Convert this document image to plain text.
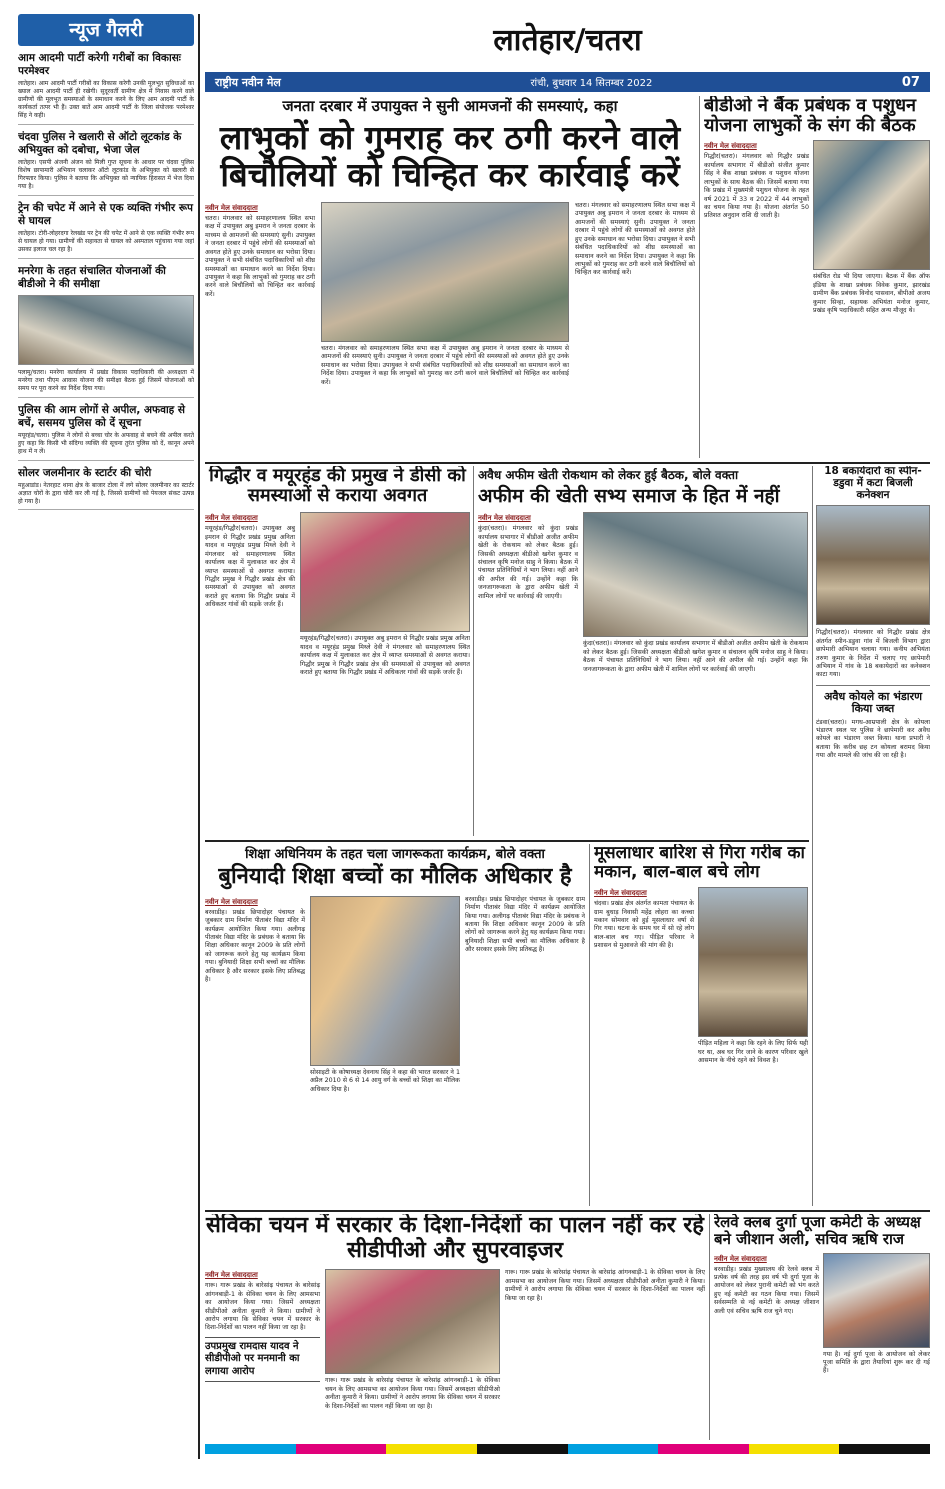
न्यूज गैलरी
आम आदमी पार्टी करेगी गरीबों का विकासः परमेश्वर
लातेहार। आम आदमी पार्टी गरीबों का विकास करेगी उनकी मूलभूत सुविधाओं का ख्याल आम आदमी पार्टी ही रखेगी। सुदूरवर्ती ग्रामीण क्षेत्र में निवास करने वाले ग्रामीणों की मूलभूत समस्याओं के समाधान करने के लिए आम आदमी पार्टी के कार्यकर्ता तत्पर भी हैं। उक्त बातें आम आदमी पार्टी के जिला संयोजक परमेश्वर सिंह ने कही।
चंदवा पुलिस ने खलारी से ऑटो लूटकांड के अभियुक्त को दबोचा, भेजा जेल
लातेहार। एसपी अंजनी अंजन को मिली गुप्त सूचना के आधार पर चंदवा पुलिस विशेष छापामारी अभियान चलाकर ऑटो लूटकांड के अभियुक्त को खलारी से गिरफ्तार किया। पुलिस ने बताया कि अभियुक्त को न्यायिक हिरासत में भेज दिया गया है।
ट्रेन की चपेट में आने से एक व्यक्ति गंभीर रूप से घायल
लातेहार। टोरी-लोहरदगा रेलखंड पर ट्रेन की चपेट में आने से एक व्यक्ति गंभीर रूप से घायल हो गया। ग्रामीणों की सहायता से घायल को अस्पताल पहुंचाया गया जहां उसका इलाज चल रहा है।
मनरेगा के तहत संचालित योजनाओं की बीडीओ ने की समीक्षा
पलामू/चतरा। मनरेगा कार्यालय में प्रखंड विकास पदाधिकारी की अध्यक्षता में मनरेगा तथा पीएम आवास योजना की समीक्षा बैठक हुई जिसमें योजनाओं को समय पर पूरा करने का निर्देश दिया गया।
पुलिस की आम लोगों से अपील, अफवाह से बचें, ससमय पुलिस को दें सूचना
मयूरहंड/चतरा। पुलिस ने लोगों से बच्चा चोर के अफवाह से बचने की अपील करते हुए कहा कि किसी भी संदिग्ध व्यक्ति की सूचना तुरंत पुलिस को दें, कानून अपने हाथ में न लें।
सोलर जलमीनार के स्टार्टर की चोरी
महुआडांड। नेतरहाट थाना क्षेत्र के बाजार टोला में लगे सोलर जलमीनार का स्टार्टर अज्ञात चोरों के द्वारा चोरी कर ली गई है, जिससे ग्रामीणों को पेयजल संकट उत्पन्न हो गया है।
लातेहार/चतरा
राष्ट्रीय नवीन मेल	रांची, बुधवार 14 सितम्बर 2022	07
जनता दरबार में उपायुक्त ने सुनी आमजनों की समस्याएं, कहा
लाभुकों को गुमराह कर ठगी करने वाले बिचौलियों को चिन्हित कर कार्रवाई करें
नवीन मेल संवाददाता
चतरा। मंगलवार को समाहरणालय स्थित सभा कक्ष में उपायुक्त अबु इमरान ने जनता दरबार के माध्यम से आमजनों की समस्याएं सुनी। उपायुक्त ने जनता दरबार में पहुंचे लोगों की समस्याओं को अवगत होते हुए उनके समाधान का भरोसा दिया। उपायुक्त ने सभी संबंधित पदाधिकारियों को शीघ्र समस्याओं का समाधान करने का निर्देश दिया। उपायुक्त ने कहा कि लाभुकों को गुमराह कर ठगी करने वाले बिचौलियों को चिन्हित कर कार्रवाई करें।
चतरा। मंगलवार को समाहरणालय स्थित सभा कक्ष में उपायुक्त अबु इमरान ने जनता दरबार के माध्यम से आमजनों की समस्याएं सुनी। उपायुक्त ने जनता दरबार में पहुंचे लोगों की समस्याओं को अवगत होते हुए उनके समाधान का भरोसा दिया। उपायुक्त ने सभी संबंधित पदाधिकारियों को शीघ्र समस्याओं का समाधान करने का निर्देश दिया। उपायुक्त ने कहा कि लाभुकों को गुमराह कर ठगी करने वाले बिचौलियों को चिन्हित कर कार्रवाई करें।
चतरा। मंगलवार को समाहरणालय स्थित सभा कक्ष में उपायुक्त अबु इमरान ने जनता दरबार के माध्यम से आमजनों की समस्याएं सुनी। उपायुक्त ने जनता दरबार में पहुंचे लोगों की समस्याओं को अवगत होते हुए उनके समाधान का भरोसा दिया। उपायुक्त ने सभी संबंधित पदाधिकारियों को शीघ्र समस्याओं का समाधान करने का निर्देश दिया। उपायुक्त ने कहा कि लाभुकों को गुमराह कर ठगी करने वाले बिचौलियों को चिन्हित कर कार्रवाई करें।
बीडीओ ने बैंक प्रबंधक व पशुधन योजना लाभुकों के संग की बैठक
नवीन मेल संवाददाता
गिद्धौर(चतरा)। मंगलवार को गिद्धौर प्रखंड कार्यालय सभागार में बीडीओ संजीत कुमार सिंह ने बैंक शाखा प्रबंधक व पशुधन योजना लाभुकों के साथ बैठक की। जिसमें बताया गया कि प्रखंड में मुख्यमंत्री पशुधन योजना के तहत वर्ष 2021 में 33 व 2022 में 44 लाभुकों का चयन किया गया है। योजना अंतर्गत 50 प्रतिशत अनुदान राशि दी जाती है।
संबंधित रोड भी दिया जाएगा। बैठक में बैंक ऑफ इंडिया के शाखा प्रबंधक विवेक कुमार, झारखंड ग्रामीण बैंक प्रबंधक विनोद पासवान, बीपीओ अजय कुमार सिन्हा, सहायक अभियंता मनोज कुमार, प्रखंड कृषि पदाधिकारी सहित अन्य मौजूद थे।
गिद्धौर व मयूरहंड की प्रमुख ने डीसी को समस्याओं से कराया अवगत
नवीन मेल संवाददाता
मयूरहंड/गिद्धौर(चतरा)। उपायुक्त अबु इमरान से गिद्धौर प्रखंड प्रमुख अनिता यादव व मयूरहंड प्रमुख मिथ्ले देवी ने मंगलवार को समाहरणालय स्थित कार्यालय कक्ष में मुलाकात कर क्षेत्र में व्याप्त समस्याओं से अवगत कराया। गिद्धौर प्रमुख ने गिद्धौर प्रखंड क्षेत्र की समस्याओं से उपायुक्त को अवगत कराते हुए बताया कि गिद्धौर प्रखंड में अधिकतर गांवों की सड़कें जर्जर हैं।
मयूरहंड/गिद्धौर(चतरा)। उपायुक्त अबु इमरान से गिद्धौर प्रखंड प्रमुख अनिता यादव व मयूरहंड प्रमुख मिथ्ले देवी ने मंगलवार को समाहरणालय स्थित कार्यालय कक्ष में मुलाकात कर क्षेत्र में व्याप्त समस्याओं से अवगत कराया। गिद्धौर प्रमुख ने गिद्धौर प्रखंड क्षेत्र की समस्याओं से उपायुक्त को अवगत कराते हुए बताया कि गिद्धौर प्रखंड में अधिकतर गांवों की सड़कें जर्जर हैं।
अवैध अफीम खेती रोकथाम को लेकर हुई बैठक, बोले वक्ता
अफीम की खेती सभ्य समाज के हित में नहीं
नवीन मेल संवाददाता
कुंदा(चतरा)। मंगलवार को कुंदा प्रखंड कार्यालय सभागार में बीडीओ अजीत अफीम खेती के रोकथाम को लेकर बैठक हुई। जिसकी अध्यक्षता बीडीओ खगेश कुमार व संचालन कृषि मनोज साहु ने किया। बैठक में पंचायत प्रतिनिधियों ने भाग लिया। नहीं आने की अपील की गई। उन्होंने कहा कि जनजागरूकता के द्वारा अफीम खेती में शामिल लोगों पर कार्रवाई की जाएगी।
कुंदा(चतरा)। मंगलवार को कुंदा प्रखंड कार्यालय सभागार में बीडीओ अजीत अफीम खेती के रोकथाम को लेकर बैठक हुई। जिसकी अध्यक्षता बीडीओ खगेश कुमार व संचालन कृषि मनोज साहु ने किया। बैठक में पंचायत प्रतिनिधियों ने भाग लिया। नहीं आने की अपील की गई। उन्होंने कहा कि जनजागरूकता के द्वारा अफीम खेती में शामिल लोगों पर कार्रवाई की जाएगी।
18 बकायेदारों का स्पीन-डडुवा में कटा बिजली कनेक्शन
गिद्धौर(चतरा)। मंगलवार को गिद्धौर प्रखंड क्षेत्र अंतर्गत स्पीन-डडुवा गांव में बिजली विभाग द्वारा छापेमारी अभियान चलाया गया। कनीय अभियंता तरुण कुमार के निर्देश में चलाए गए छापेमारी अभियान में गांव के 18 बकायेदारों का कनेक्शन काटा गया।
अवैध कोयले का भंडारण किया जब्त
टंडवा(चतरा)। मगध-आम्रपाली क्षेत्र के कोयला भंडारण स्थल पर पुलिस ने छापेमारी कर अवैध कोयले का भंडारण जब्त किया। थाना प्रभारी ने बताया कि करीब छह टन कोयला बरामद किया गया और मामले की जांच की जा रही है।
शिक्षा अधिनियम के तहत चला जागरूकता कार्यक्रम, बोले वक्ता
बुनियादी शिक्षा बच्चों का मौलिक अधिकार है
नवीन मेल संवाददाता
बरवाडीह। प्रखंड छिपादोहर पंचायत के जुबकार ग्राम निर्माण पीताबंर विद्या मंदिर में कार्यक्रम आयोजित किया गया। अलीगढ़ पीताबंर विद्या मंदिर के प्रबंधक ने बताया कि शिक्षा अधिकार कानून 2009 के प्रति लोगों को जागरूक करने हेतु यह कार्यक्रम किया गया। बुनियादी शिक्षा सभी बच्चों का मौलिक अधिकार है और सरकार इसके लिए प्रतिबद्ध है।
सोसाइटी के कोषाध्यक्ष देवनाथ सिंह ने कहा की भारत सरकार ने 1 अप्रैल 2010 से 6 से 14 आयु वर्ग के बच्चों को शिक्षा का मौलिक अधिकार दिया है।
बरवाडीह। प्रखंड छिपादोहर पंचायत के जुबकार ग्राम निर्माण पीताबंर विद्या मंदिर में कार्यक्रम आयोजित किया गया। अलीगढ़ पीताबंर विद्या मंदिर के प्रबंधक ने बताया कि शिक्षा अधिकार कानून 2009 के प्रति लोगों को जागरूक करने हेतु यह कार्यक्रम किया गया। बुनियादी शिक्षा सभी बच्चों का मौलिक अधिकार है और सरकार इसके लिए प्रतिबद्ध है।
मूसलाधार बारिश से गिरा गरीब का मकान, बाल-बाल बचे लोग
नवीन मेल संवाददाता
चंदवा। प्रखंड क्षेत्र अंतर्गत कामता पंचायत के ग्राम बुधाड़ निवासी महेंद्र लोहरा का कच्चा मकान सोमवार को हुई मूसलाधार वर्षा से गिर गया। घटना के समय घर में सो रहे लोग बाल-बाल बच गए। पीड़ित परिवार ने प्रशासन से मुआवजे की मांग की है।
पीड़ित महिला ने कहा कि रहने के लिए सिर्फ यही घर था, अब घर गिर जाने के कारण परिवार खुले आसमान के नीचे रहने को विवश है।
सेविका चयन में सरकार के दिशा-निर्देशों का पालन नहीं कर रहे सीडीपीओ और सुपरवाइजर
नवीन मेल संवाददाता
गारू। गारू प्रखंड के बारेसांढ़ पंचायत के बारेसांढ़ आंगनबाड़ी-1 के सेविका चयन के लिए आमसभा का आयोजन किया गया। जिसमें अध्यक्षता सीडीपीओ अनीता कुमारी ने किया। ग्रामीणों ने आरोप लगाया कि सेविका चयन में सरकार के दिशा-निर्देशों का पालन नहीं किया जा रहा है।
उपप्रमुख रामदास यादव ने सीडीपीओ पर मनमानी का लगाया आरोप
गारू। गारू प्रखंड के बारेसांढ़ पंचायत के बारेसांढ़ आंगनबाड़ी-1 के सेविका चयन के लिए आमसभा का आयोजन किया गया। जिसमें अध्यक्षता सीडीपीओ अनीता कुमारी ने किया। ग्रामीणों ने आरोप लगाया कि सेविका चयन में सरकार के दिशा-निर्देशों का पालन नहीं किया जा रहा है।
गारू। गारू प्रखंड के बारेसांढ़ पंचायत के बारेसांढ़ आंगनबाड़ी-1 के सेविका चयन के लिए आमसभा का आयोजन किया गया। जिसमें अध्यक्षता सीडीपीओ अनीता कुमारी ने किया। ग्रामीणों ने आरोप लगाया कि सेविका चयन में सरकार के दिशा-निर्देशों का पालन नहीं किया जा रहा है।
रेलवे क्लब दुर्गा पूजा कमेटी के अध्यक्ष बने जीशान अली, सचिव ऋषि राज
नवीन मेल संवाददाता
बरवाडीह। प्रखंड मुख्यालय की रेलवे क्लब में प्रत्येक वर्ष की तरह इस वर्ष भी दुर्गा पूजा के आयोजन को लेकर पुरानी कमेटी को भंग करते हुए नई कमेटी का गठन किया गया। जिसमें सर्वसम्मति से नई कमेटी के अध्यक्ष जीशान अली एवं सचिव ऋषि राज चुने गए।
गया है। नई दुर्गा पूजा के आयोजन को लेकर पूजा समिति के द्वारा तैयारियां शुरू कर दी गई हैं।
